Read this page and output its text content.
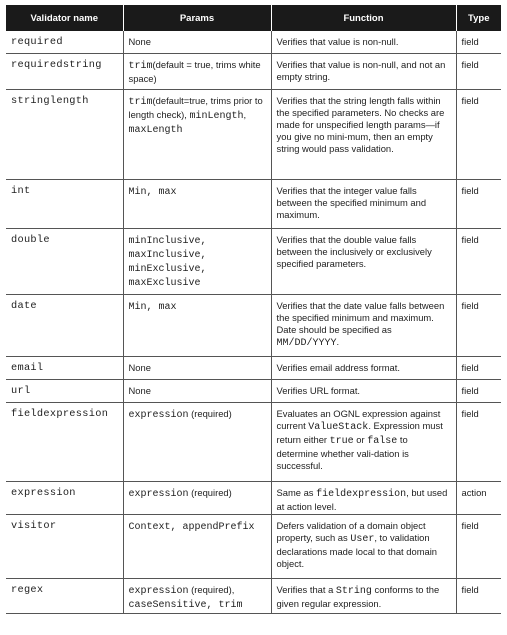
Validator name	Params	Function	Type

required	None	Verifies that value is non-null.	field

requiredstring	trim(default = true, trims white space)	Verifies that value is non-null, and not an empty string.	field

stringlength	trim(default=true, trims prior to length check), minLength, maxLength	Verifies that the string length falls within the specified parameters. No checks are made for unspecified length params—if you give no mini-mum, then an empty string would pass validation.	field

int	Min, max	Verifies that the integer value falls between the specified minimum and maximum.	field

double	minInclusive, maxInclusive, minExclusive, maxExclusive	Verifies that the double value falls between the inclusively or exclusively specified parameters.	field

date	Min, max	Verifies that the date value falls between the specified minimum and maximum. Date should be specified as MM/DD/YYYY.	field

email	None	Verifies email address format.	field

url	None	Verifies URL format.	field

fieldexpression	expression (required)	Evaluates an OGNL expression against current ValueStack. Expression must return either true or false to determine whether vali-dation is successful.	field

expression	expression (required)	Same as fieldexpression, but used at action level.	action

visitor	Context, appendPrefix	Defers validation of a domain object property, such as User, to validation declarations made local to that domain object.	field

regex	expression (required), caseSensitive, trim	Verifies that a String conforms to the given regular expression.	field
